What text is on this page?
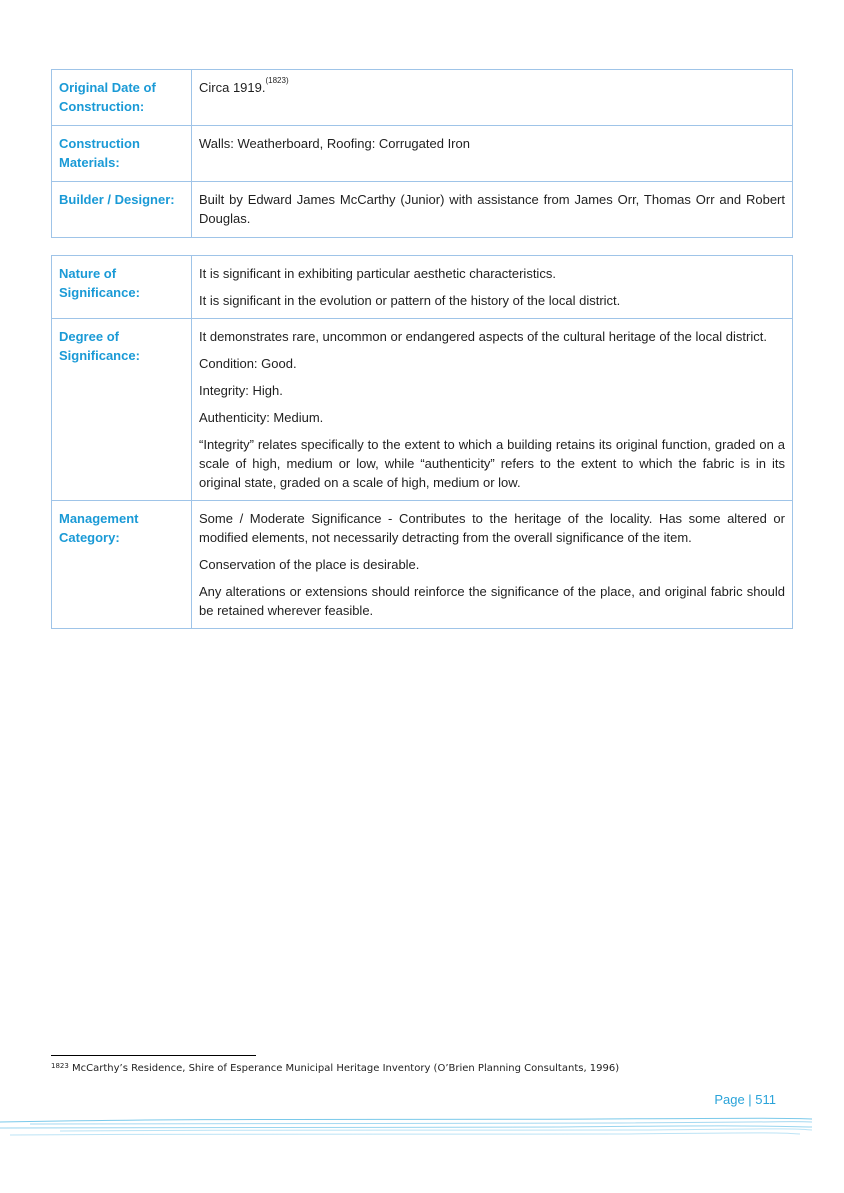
Original Date of Construction:	Circa 1919.$^{(1823)}$
Construction Materials:	Walls: Weatherboard, Roofing: Corrugated Iron
Builder / Designer:	Built by Edward James McCarthy (Junior) with assistance from James Orr, Thomas Orr and Robert Douglas.
Nature of Significance:	It is significant in exhibiting particular aesthetic characteristics.

It is significant in the evolution or pattern of the history of the local district.

Degree of Significance:	It demonstrates rare, uncommon or endangered aspects of the cultural heritage of the local district.

Condition: Good.

Integrity: High.

Authenticity: Medium.

“Integrity” relates specifically to the extent to which a building retains its original function, graded on a scale of high, medium or low, while “authenticity” refers to the extent to which the fabric is in its original state, graded on a scale of high, medium or low.

Management Category:	Some / Moderate Significance - Contributes to the heritage of the locality. Has some altered or modified elements, not necessarily detracting from the overall significance of the item.

Conservation of the place is desirable.

Any alterations or extensions should reinforce the significance of the place, and original fabric should be retained wherever feasible.

$^{1823}$ McCarthy’s Residence, Shire of Esperance Municipal Heritage Inventory (O’Brien Planning Consultants, 1996)
Page | 511
